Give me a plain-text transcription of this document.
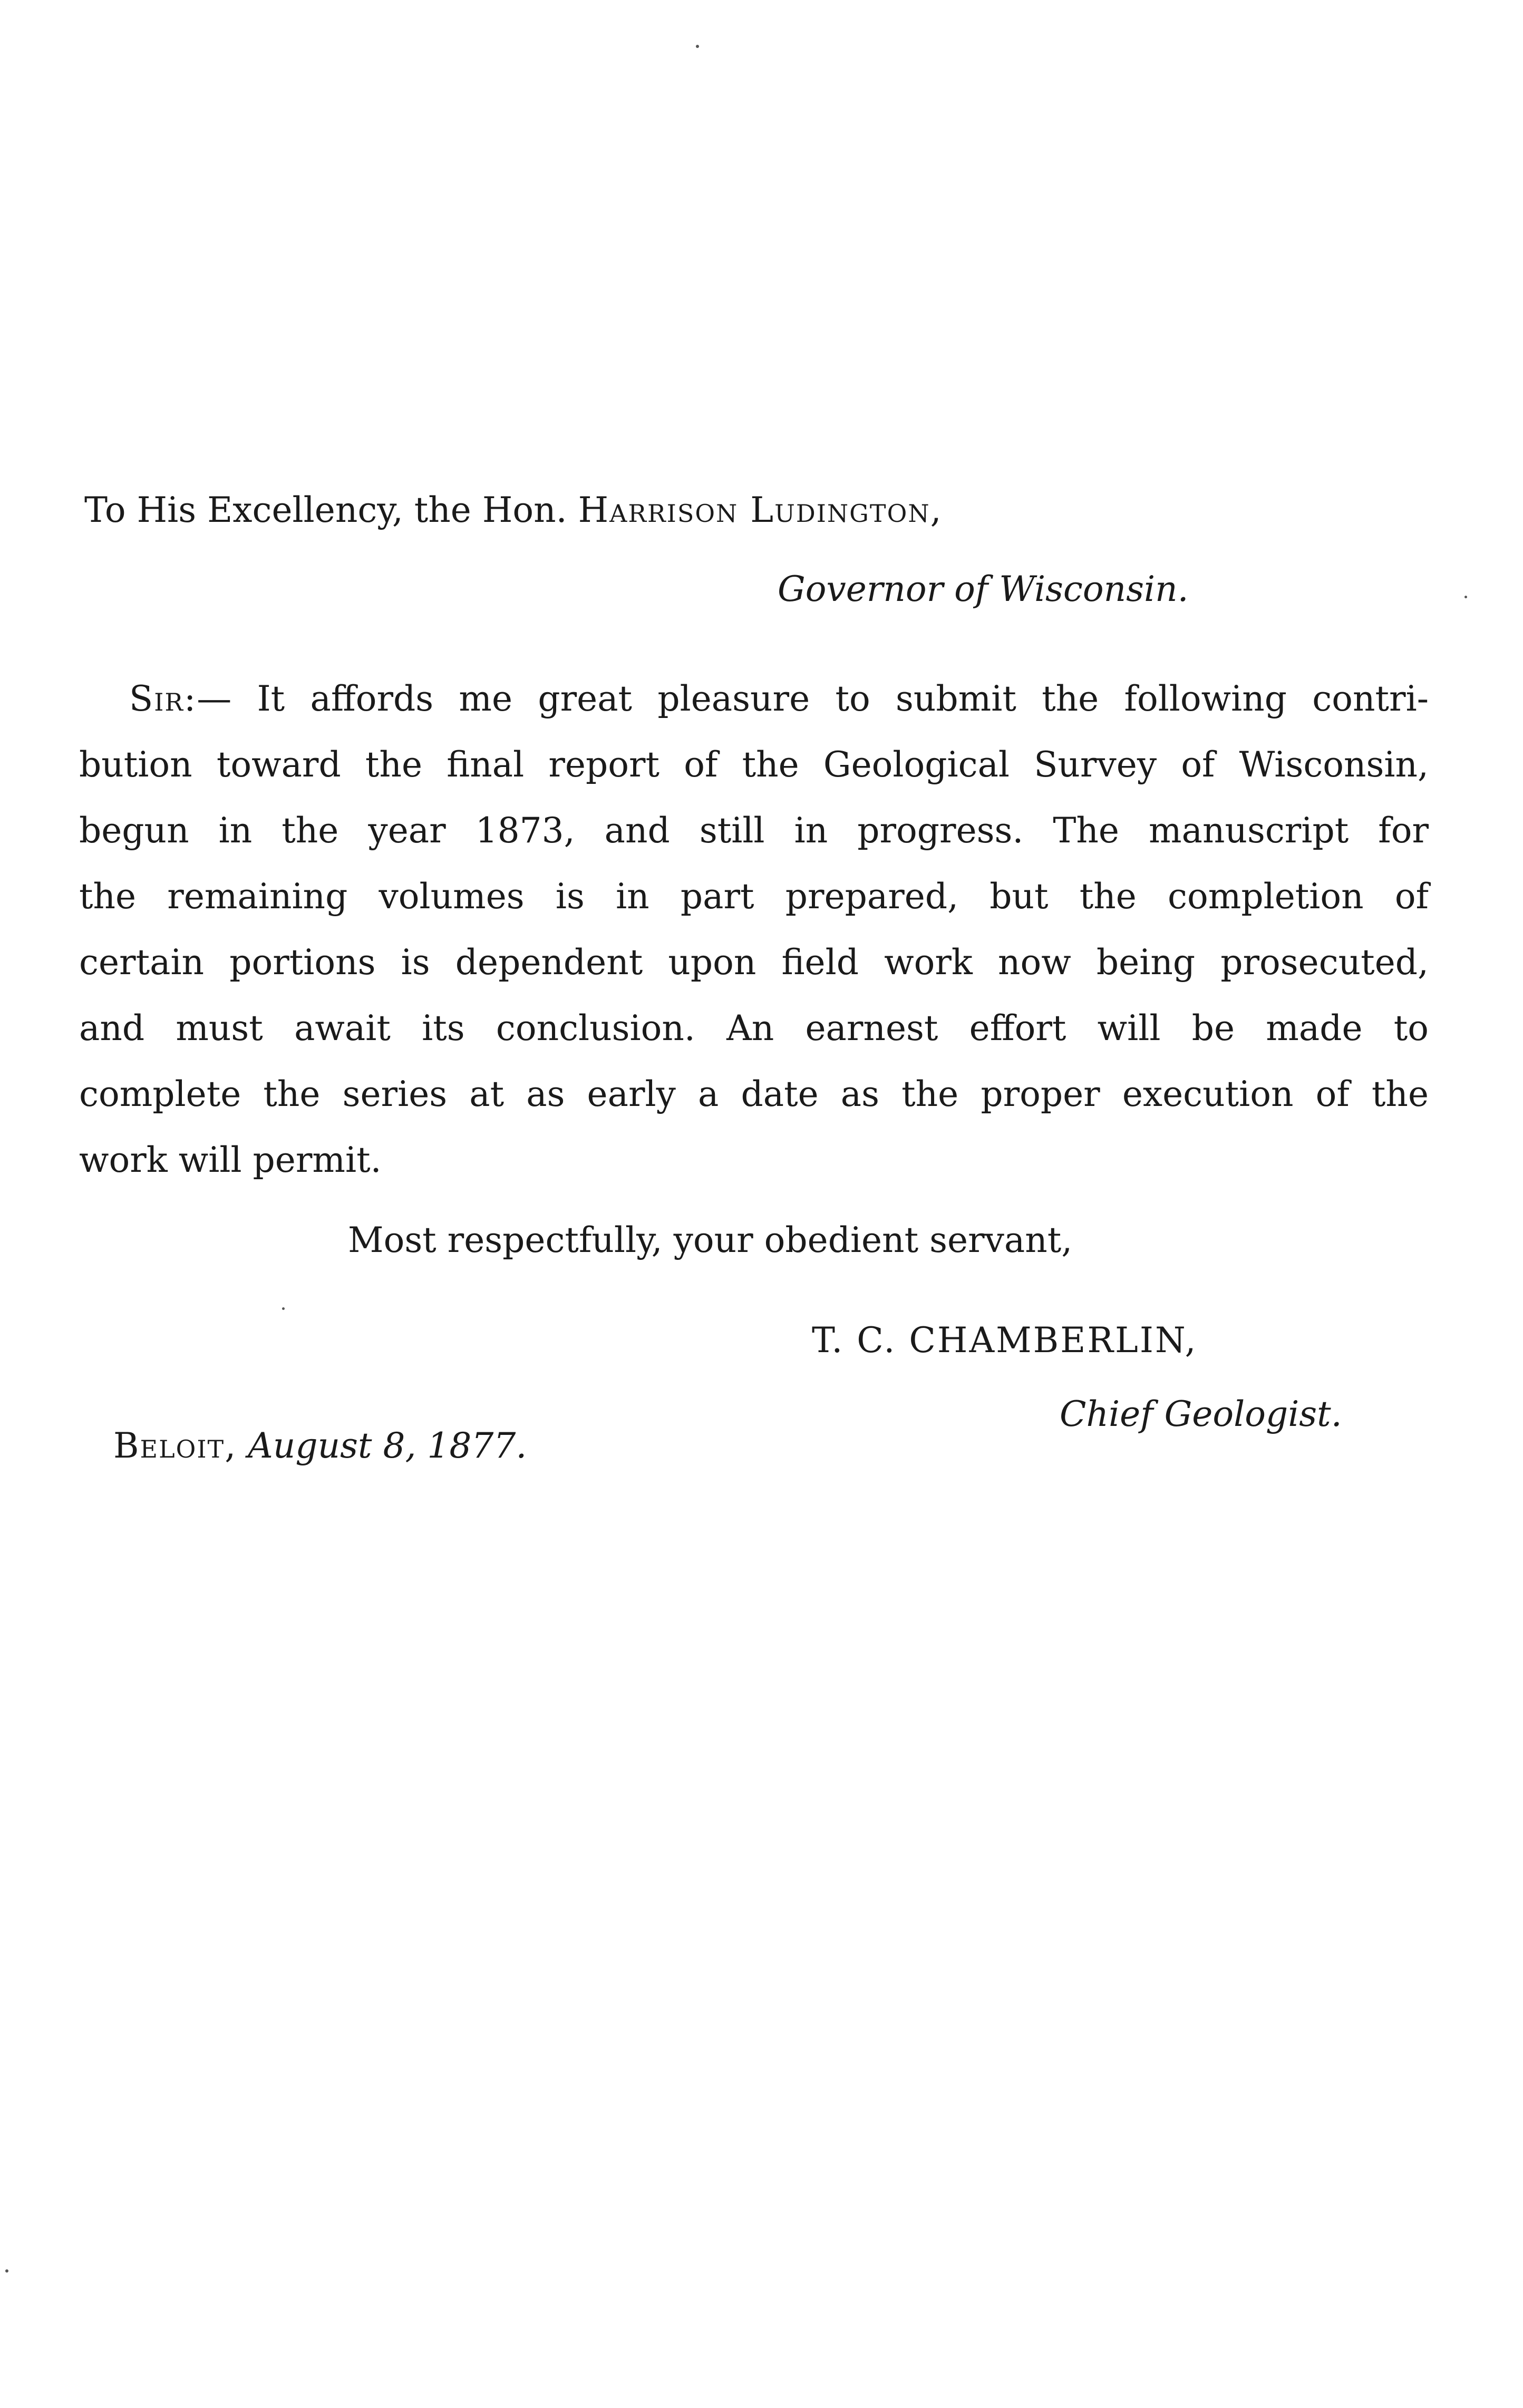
To His Excellency, the Hon. Harrison Ludington,
Governor of Wisconsin.
Sir:— It affords me great pleasure to submit the following contri-
bution toward the final report of the Geological Survey of Wisconsin,
begun in the year 1873, and still in progress. The manuscript for
the remaining volumes is in part prepared, but the completion of
certain portions is dependent upon field work now being prosecuted,
and must await its conclusion. An earnest effort will be made to
complete the series at as early a date as the proper execution of the
work will permit.
Most respectfully, your obedient servant,
T. C. CHAMBERLIN,
Chief Geologist.
Beloit, August 8, 1877.
